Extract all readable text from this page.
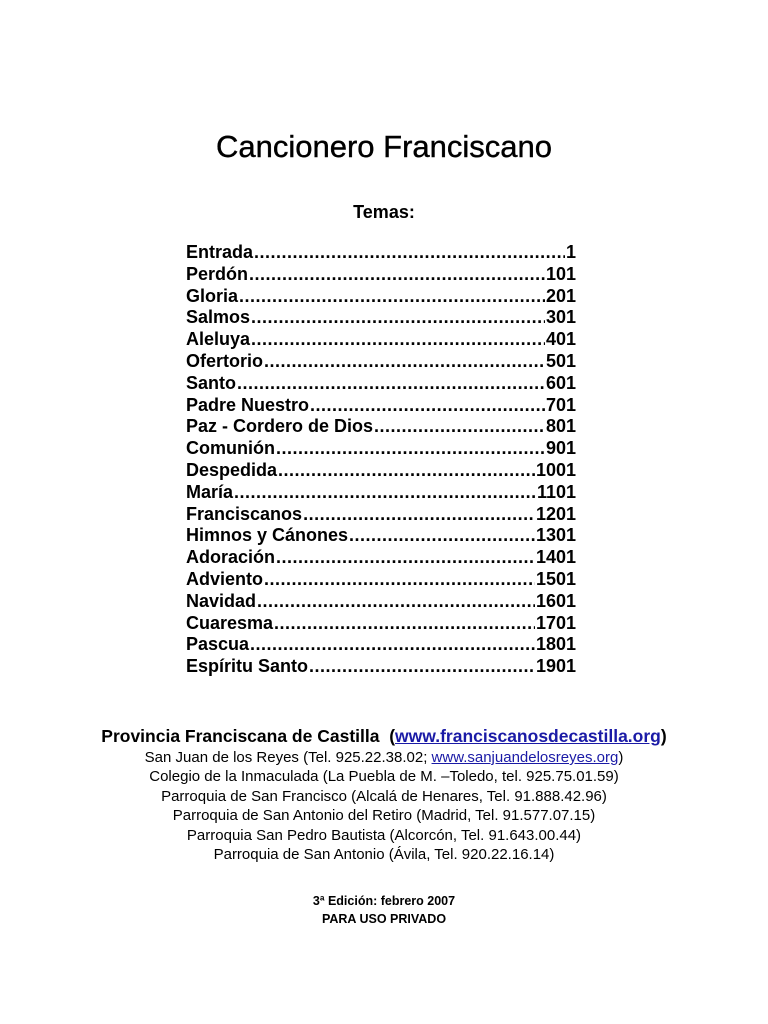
Cancionero Franciscano
Temas:
Entrada .....	1
Perdón .....	101
Gloria .....	201
Salmos .....	301
Aleluya .....	401
Ofertorio .....	501
Santo .....	601
Padre Nuestro .....	701
Paz - Cordero de Dios .....	801
Comunión .....	901
Despedida .....	1001
María .....	1101
Franciscanos .....	1201
Himnos y Cánones .....	1301
Adoración .....	1401
Adviento .....	1501
Navidad .....	1601
Cuaresma .....	1701
Pascua .....	1801
Espíritu Santo .....	1901
Provincia Franciscana de Castilla (www.franciscanosdecastilla.org)
San Juan de los Reyes (Tel. 925.22.38.02; www.sanjuandelosreyes.org)
Colegio de la Inmaculada (La Puebla de M. –Toledo, tel. 925.75.01.59)
Parroquia de San Francisco (Alcalá de Henares, Tel. 91.888.42.96)
Parroquia de San Antonio del Retiro (Madrid, Tel. 91.577.07.15)
Parroquia San Pedro Bautista (Alcorcón, Tel. 91.643.00.44)
Parroquia de San Antonio (Ávila, Tel. 920.22.16.14)
3ª Edición: febrero 2007
PARA USO PRIVADO
